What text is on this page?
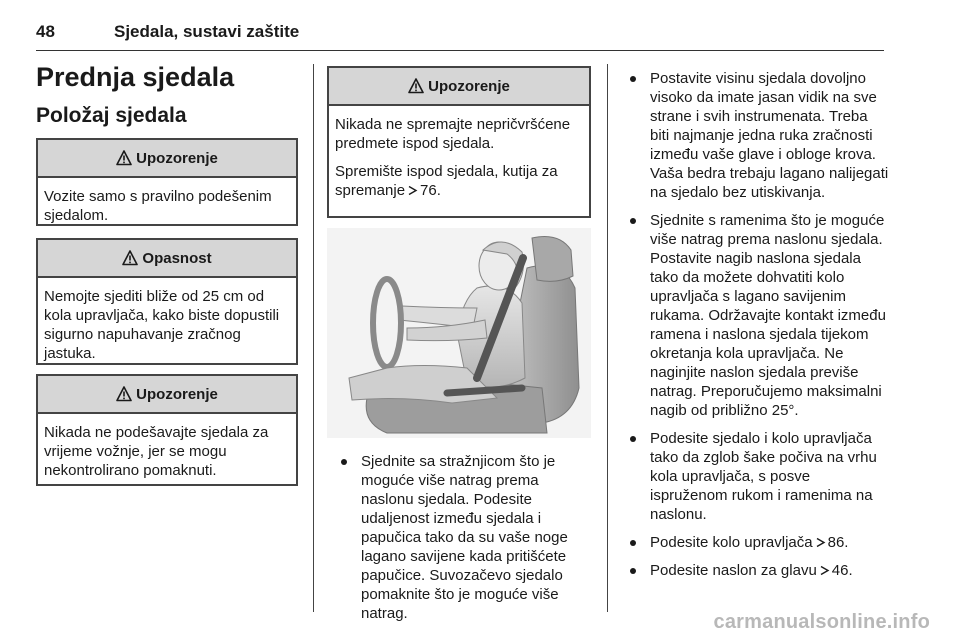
48	Sjedala, sustavi zaštite
Prednja sjedala
Položaj sjedala
Upozorenje

Vozite samo s pravilno podešenim sjedalom.

Opasnost

Nemojte sjediti bliže od 25 cm od kola upravljača, kako biste dopustili sigurno napuhavanje zračnog jastuka.

Upozorenje

Nikada ne podešavajte sjedala za vrijeme vožnje, jer se mogu nekontrolirano pomaknuti.

Upozorenje

Nikada ne spremajte nepričvršćene predmete ispod sjedala.

Spremište ispod sjedala, kutija za spremanje 76.

Sjednite sa stražnjicom što je moguće više natrag prema naslonu sjedala. Podesite udaljenost između sjedala i papučica tako da su vaše noge lagano savijene kada pritišćete papučice. Suvozačevo sjedalo pomaknite što je moguće više natrag.
Postavite visinu sjedala dovoljno visoko da imate jasan vidik na sve strane i svih instrumenata. Treba biti najmanje jedna ruka zračnosti između vaše glave i obloge krova. Vaša bedra trebaju lagano nalijegati na sjedalo bez utiskivanja.
Sjednite s ramenima što je moguće više natrag prema naslonu sjedala. Postavite nagib naslona sjedala tako da možete dohvatiti kolo upravljača s lagano savijenim rukama. Održavajte kontakt između ramena i naslona sjedala tijekom okretanja kola upravljača. Ne naginjite naslon sjedala previše natrag. Preporučujemo maksimalni nagib od približno 25°.
Podesite sjedalo i kolo upravljača tako da zglob šake počiva na vrhu kola upravljača, s posve ispruženom rukom i ramenima na naslonu.
Podesite kolo upravljača 86.
Podesite naslon za glavu 46.
carmanualsonline.info
